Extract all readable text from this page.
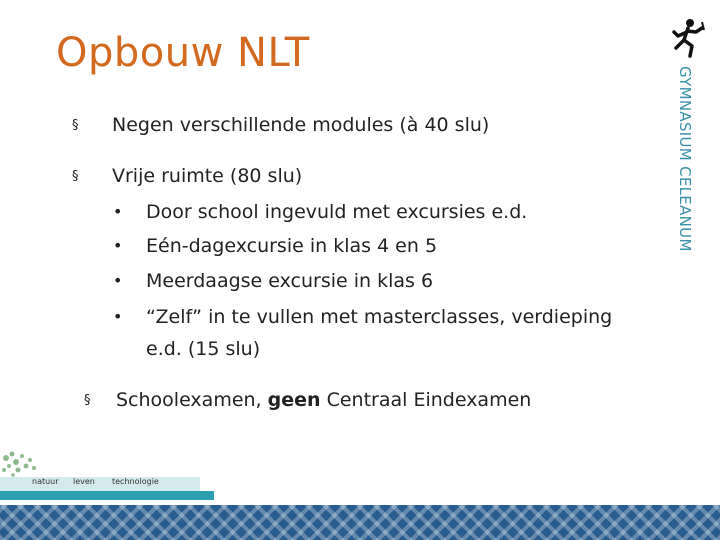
Opbouw NLT
GYMNASIUM CELEANUM
§ Negen verschillende modules (à 40 slu)
§ Vrije ruimte (80 slu)
• Door school ingevuld met excursies e.d.
• Eén-dagexcursie in klas 4 en 5
• Meerdaagse excursie in klas 6
• “Zelf” in te vullen met masterclasses, verdieping
e.d. (15 slu)
§ Schoolexamen, geen Centraal Eindexamen
natuur leven technologie
